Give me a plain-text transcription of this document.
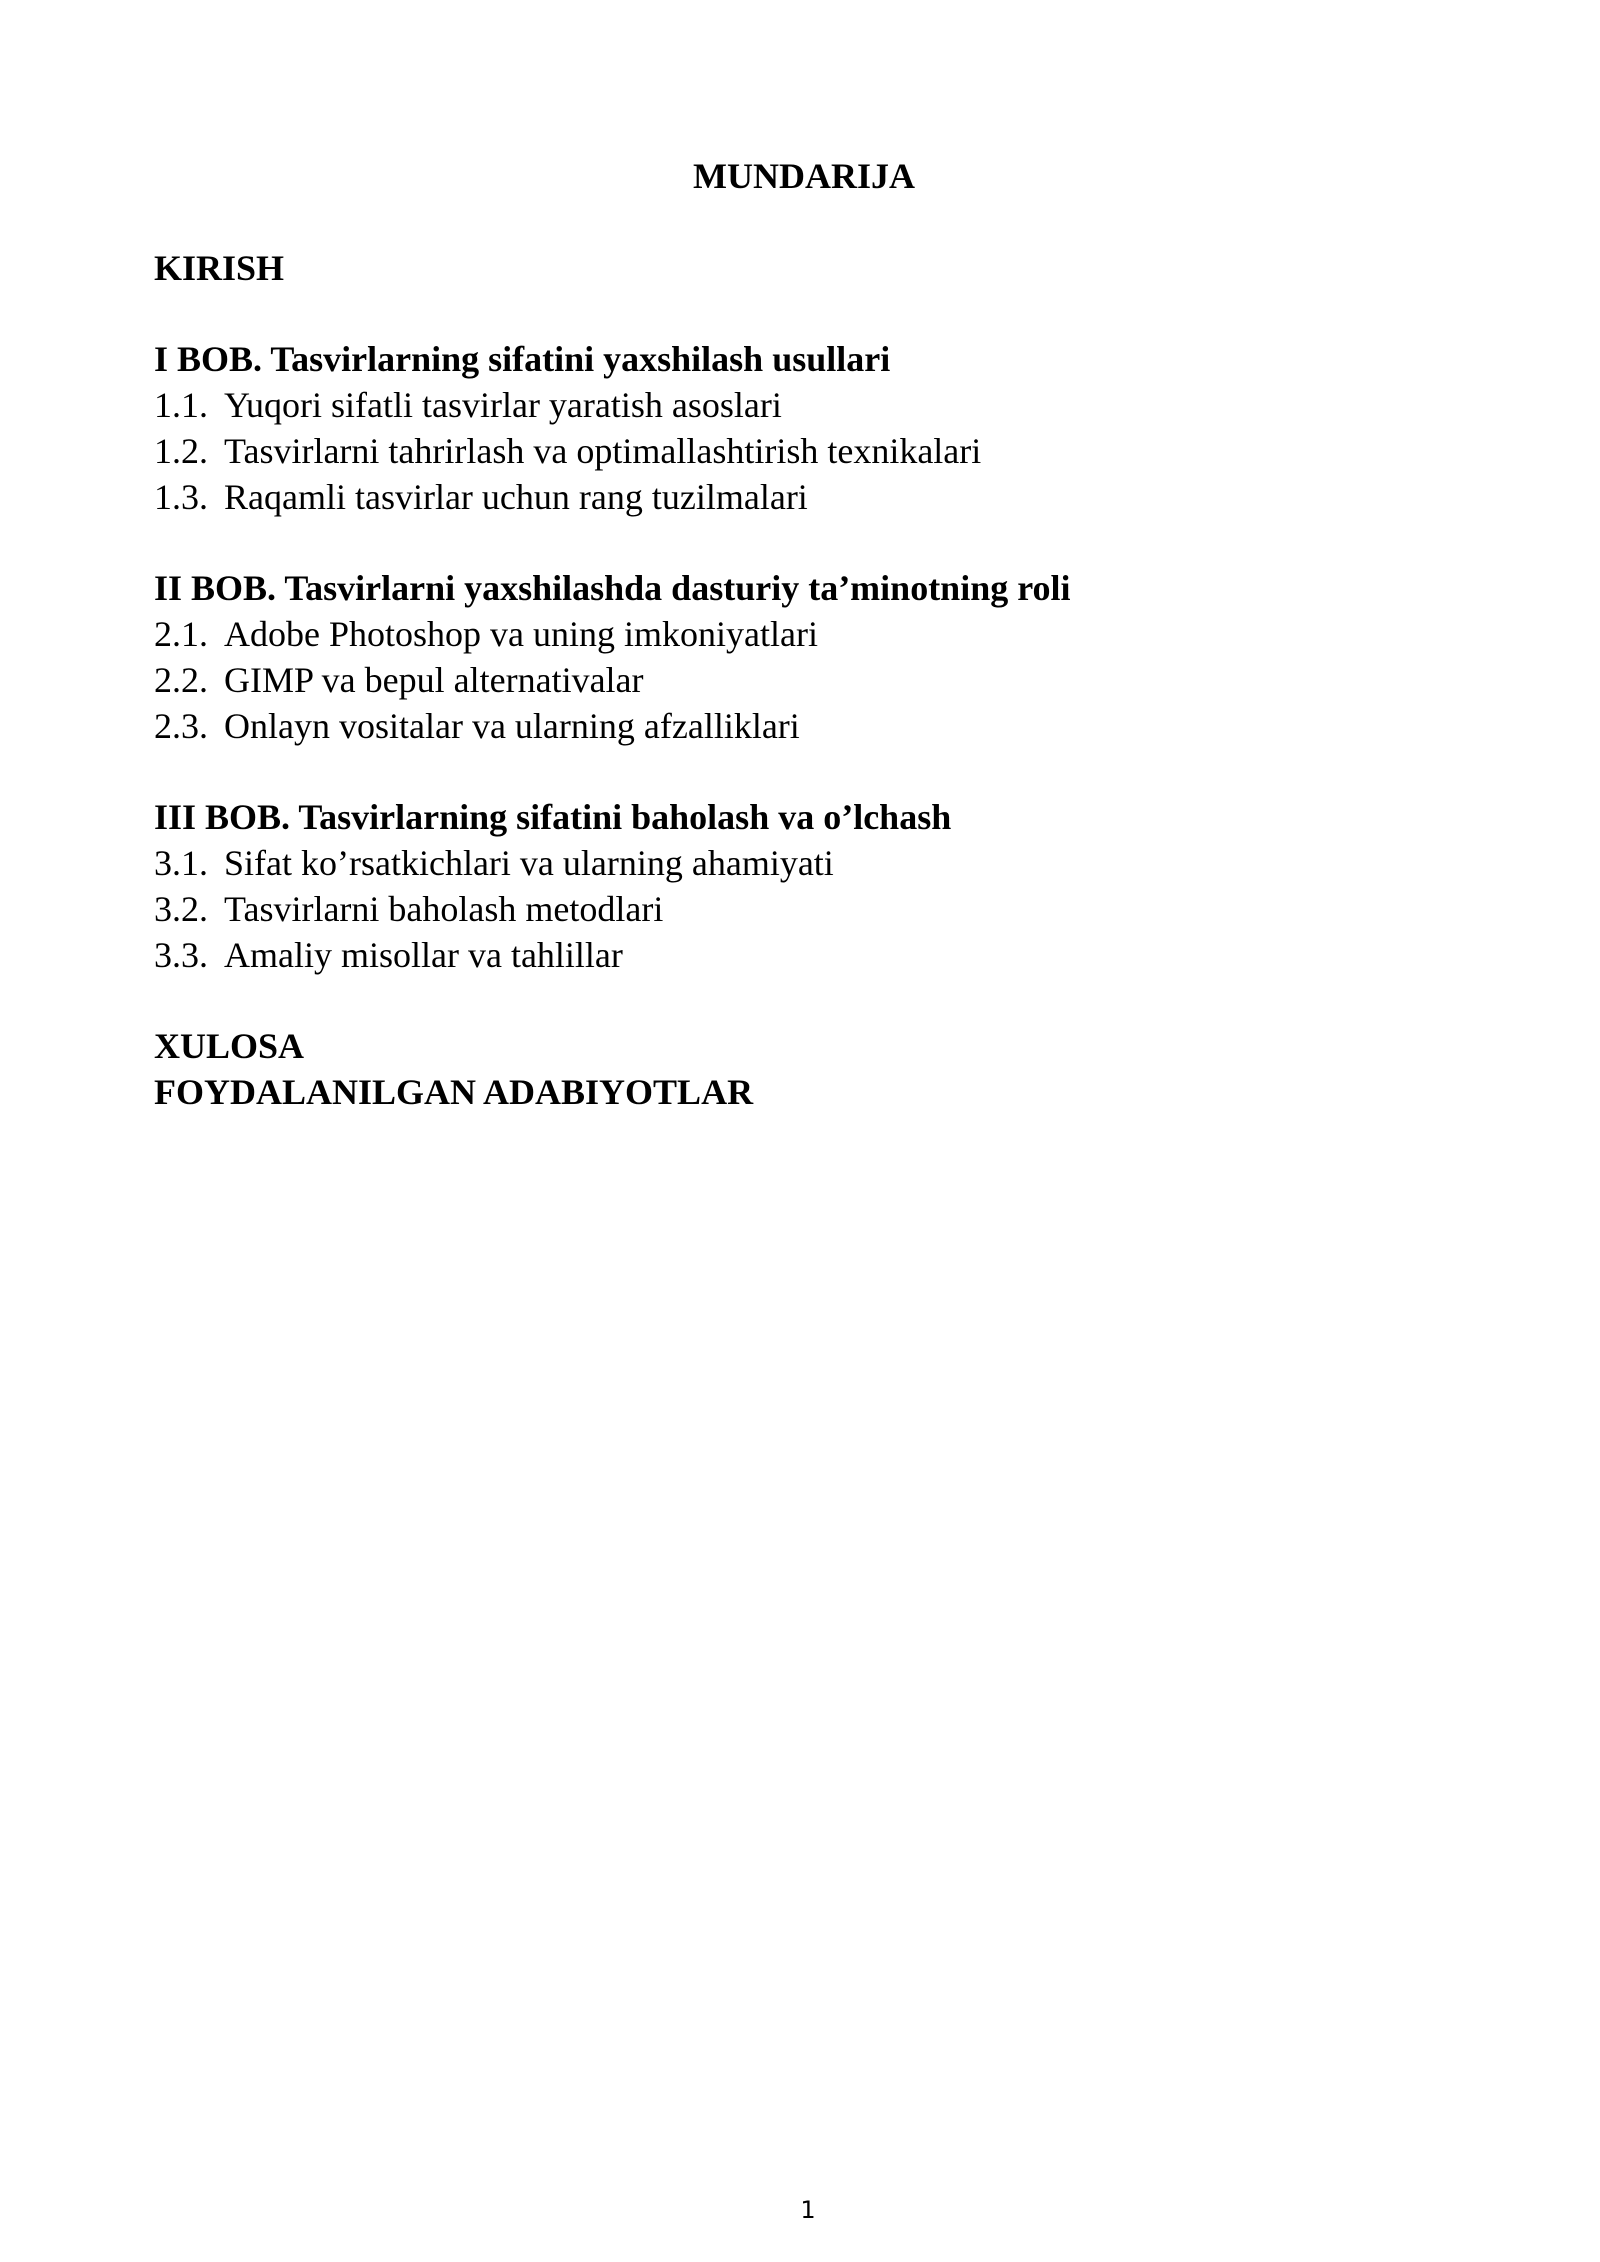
MUNDARIJA
KIRISH
I BOB. Tasvirlarning sifatini yaxshilash usullari
1.1. Yuqori sifatli tasvirlar yaratish asoslari
1.2. Tasvirlarni tahrirlash va optimallashtirish texnikalari
1.3. Raqamli tasvirlar uchun rang tuzilmalari
II BOB. Tasvirlarni yaxshilashda dasturiy ta’minotning roli
2.1. Adobe Photoshop va uning imkoniyatlari
2.2. GIMP va bepul alternativalar
2.3. Onlayn vositalar va ularning afzalliklari
III BOB. Tasvirlarning sifatini baholash va o’lchash
3.1. Sifat ko’rsatkichlari va ularning ahamiyati
3.2. Tasvirlarni baholash metodlari
3.3. Amaliy misollar va tahlillar
XULOSA
FOYDALANILGAN ADABIYOTLAR
1
